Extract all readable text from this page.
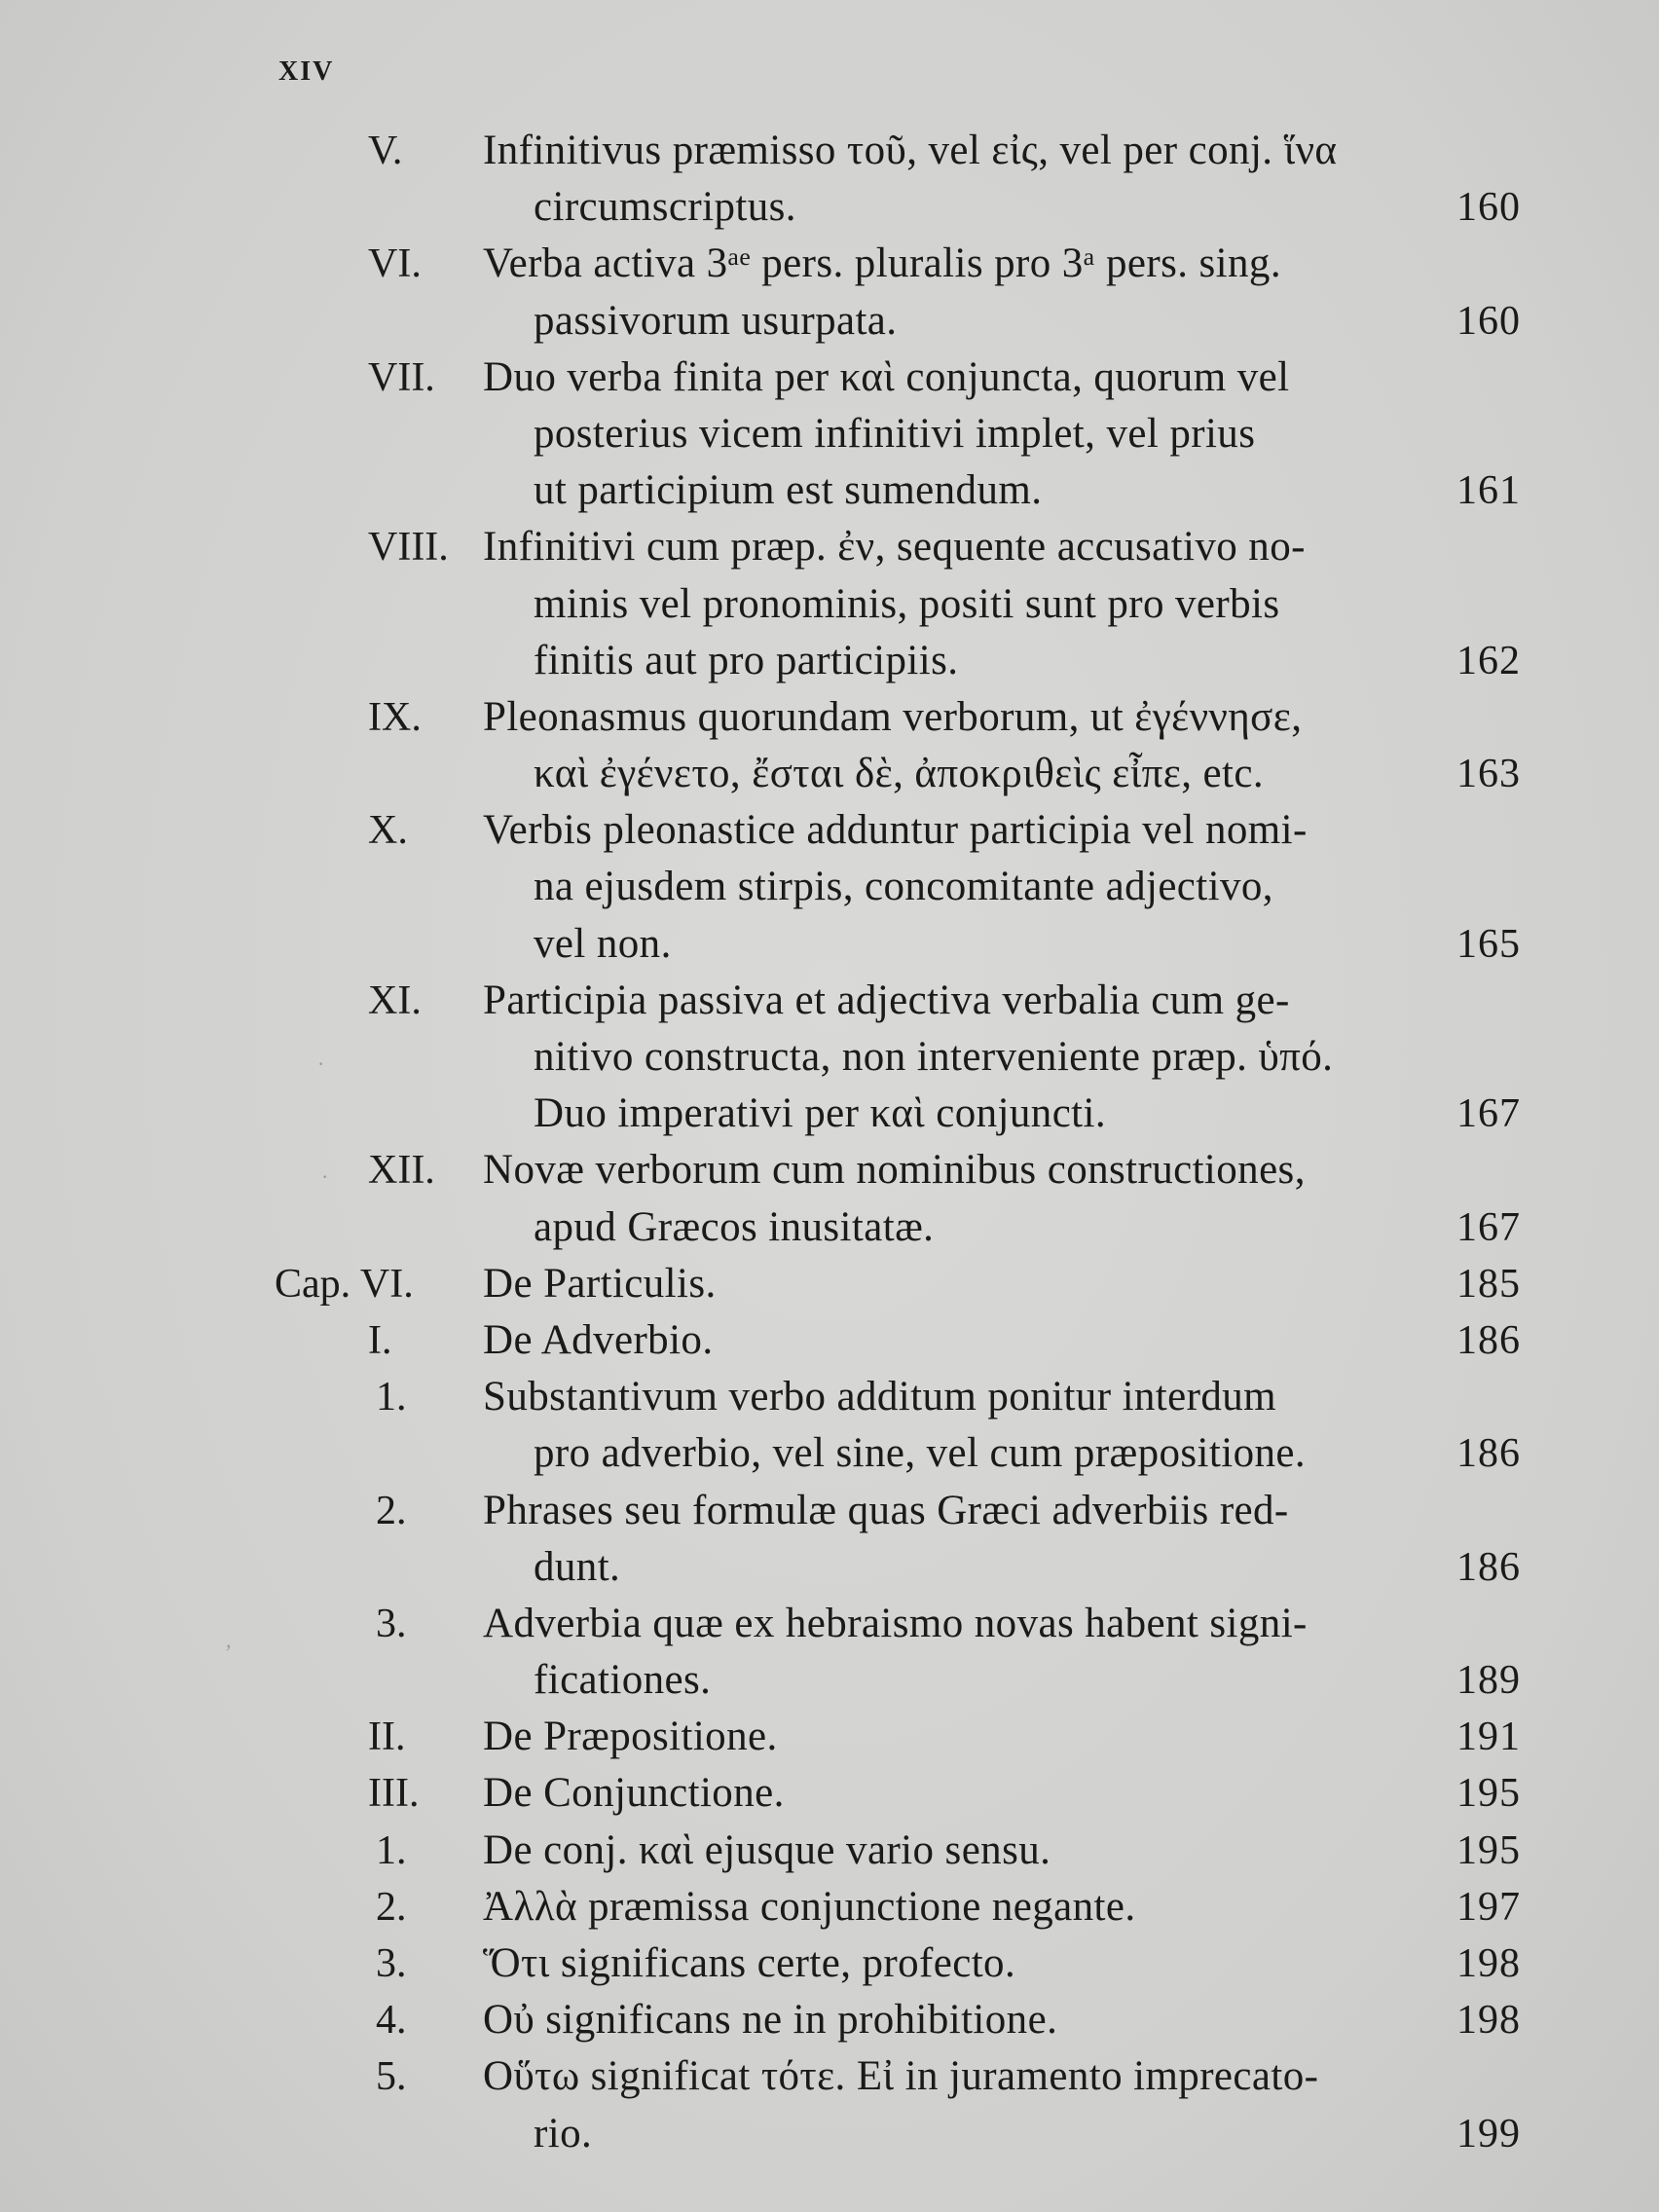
XIV
V. Infinitivus præmisso τοῦ, vel εἰς, vel per conj. ἵνα
circumscriptus.	160
VI. Verba activa 3ᵃᵉ pers. pluralis pro 3ᵃ pers. sing.
passivorum usurpata.	160
VII. Duo verba finita per καὶ conjuncta, quorum vel
posterius vicem infinitivi implet, vel prius
ut participium est sumendum.	161
VIII. Infinitivi cum præp. ἐν, sequente accusativo no-
minis vel pronominis, positi sunt pro verbis
finitis aut pro participiis.	162
IX. Pleonasmus quorundam verborum, ut ἐγέννησε,
καὶ ἐγένετο, ἔσται δὲ, ἀποκριθεὶς εἶπε, etc.	163
X. Verbis pleonastice adduntur participia vel nomi-
na ejusdem stirpis, concomitante adjectivo,
vel non.	165
XI. Participia passiva et adjectiva verbalia cum ge-
nitivo constructa, non interveniente præp. ὑπό.
Duo imperativi per καὶ conjuncti.	167
XII. Novæ verborum cum nominibus constructiones,
apud Græcos inusitatæ.	167
Cap. VI. De Particulis.	185
I. De Adverbio.	186
1. Substantivum verbo additum ponitur interdum
pro adverbio, vel sine, vel cum præpositione.	186
2. Phrases seu formulæ quas Græci adverbiis red-
dunt.	186
3. Adverbia quæ ex hebraismo novas habent signi-
ficationes.	189
II. De Præpositione.	191
III. De Conjunctione.	195
1. De conj. καὶ ejusque vario sensu.	195
2. Ἀλλὰ præmissa conjunctione negante.	197
3. Ὅτι significans certe, profecto.	198
4. Οὐ significans ne in prohibitione.	198
5. Οὕτω significat τότε. Εἰ in juramento imprecato-
rio.	199
·
·
,
